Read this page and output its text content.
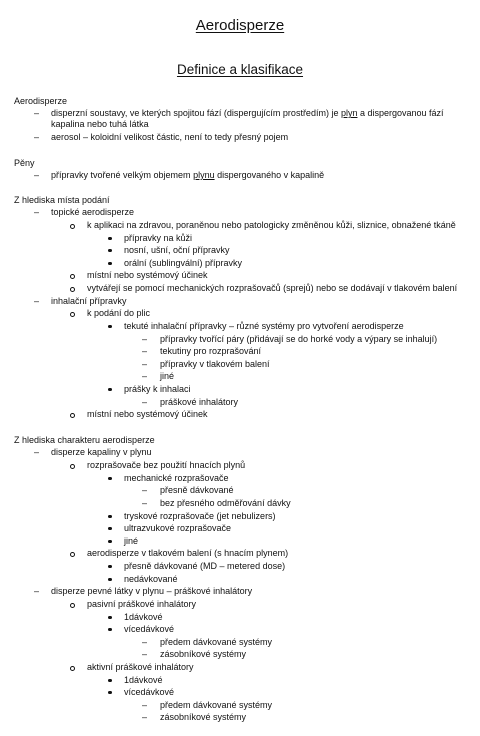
Aerodisperze
Definice a klasifikace
Aerodisperze
– disperzní soustavy, ve kterých spojitou fází (dispergujícím prostředím) je plyn a dispergovanou fází
kapalina nebo tuhá látka
– aerosol – koloidní velikost částic, není to tedy přesný pojem
Pěny
– přípravky tvořené velkým objemem plynu dispergovaného v kapalině
Z hlediska místa podání
– topické aerodisperze
k aplikaci na zdravou, poraněnou nebo patologicky změněnou kůži, sliznice, obnažené tkáně
přípravky na kůži
nosní, ušní, oční přípravky
orální (sublingvální) přípravky
místní nebo systémový účinek
vytvářejí se pomocí mechanických rozprašovačů (sprejů) nebo se dodávají v tlakovém balení
– inhalační přípravky
k podání do plic
tekuté inhalační přípravky – různé systémy pro vytvoření aerodisperze
– přípravky tvořící páry (přidávají se do horké vody a výpary se inhalují)
– tekutiny pro rozprašování
– přípravky v tlakovém balení
– jiné
prášky k inhalaci
– práškové inhalátory
místní nebo systémový účinek
Z hlediska charakteru aerodisperze
– disperze kapaliny v plynu
rozprašovače bez použití hnacích plynů
mechanické rozprašovače
– přesně dávkované
– bez přesného odměřování dávky
tryskové rozprašovače (jet nebulizers)
ultrazvukové rozprašovače
jiné
aerodisperze v tlakovém balení (s hnacím plynem)
přesně dávkované (MD – metered dose)
nedávkované
– disperze pevné látky v plynu – práškové inhalátory
pasivní práškové inhalátory
1dávkové
vícedávkové
– předem dávkované systémy
– zásobníkové systémy
aktivní práškové inhalátory
1dávkové
vícedávkové
– předem dávkované systémy
– zásobníkové systémy
